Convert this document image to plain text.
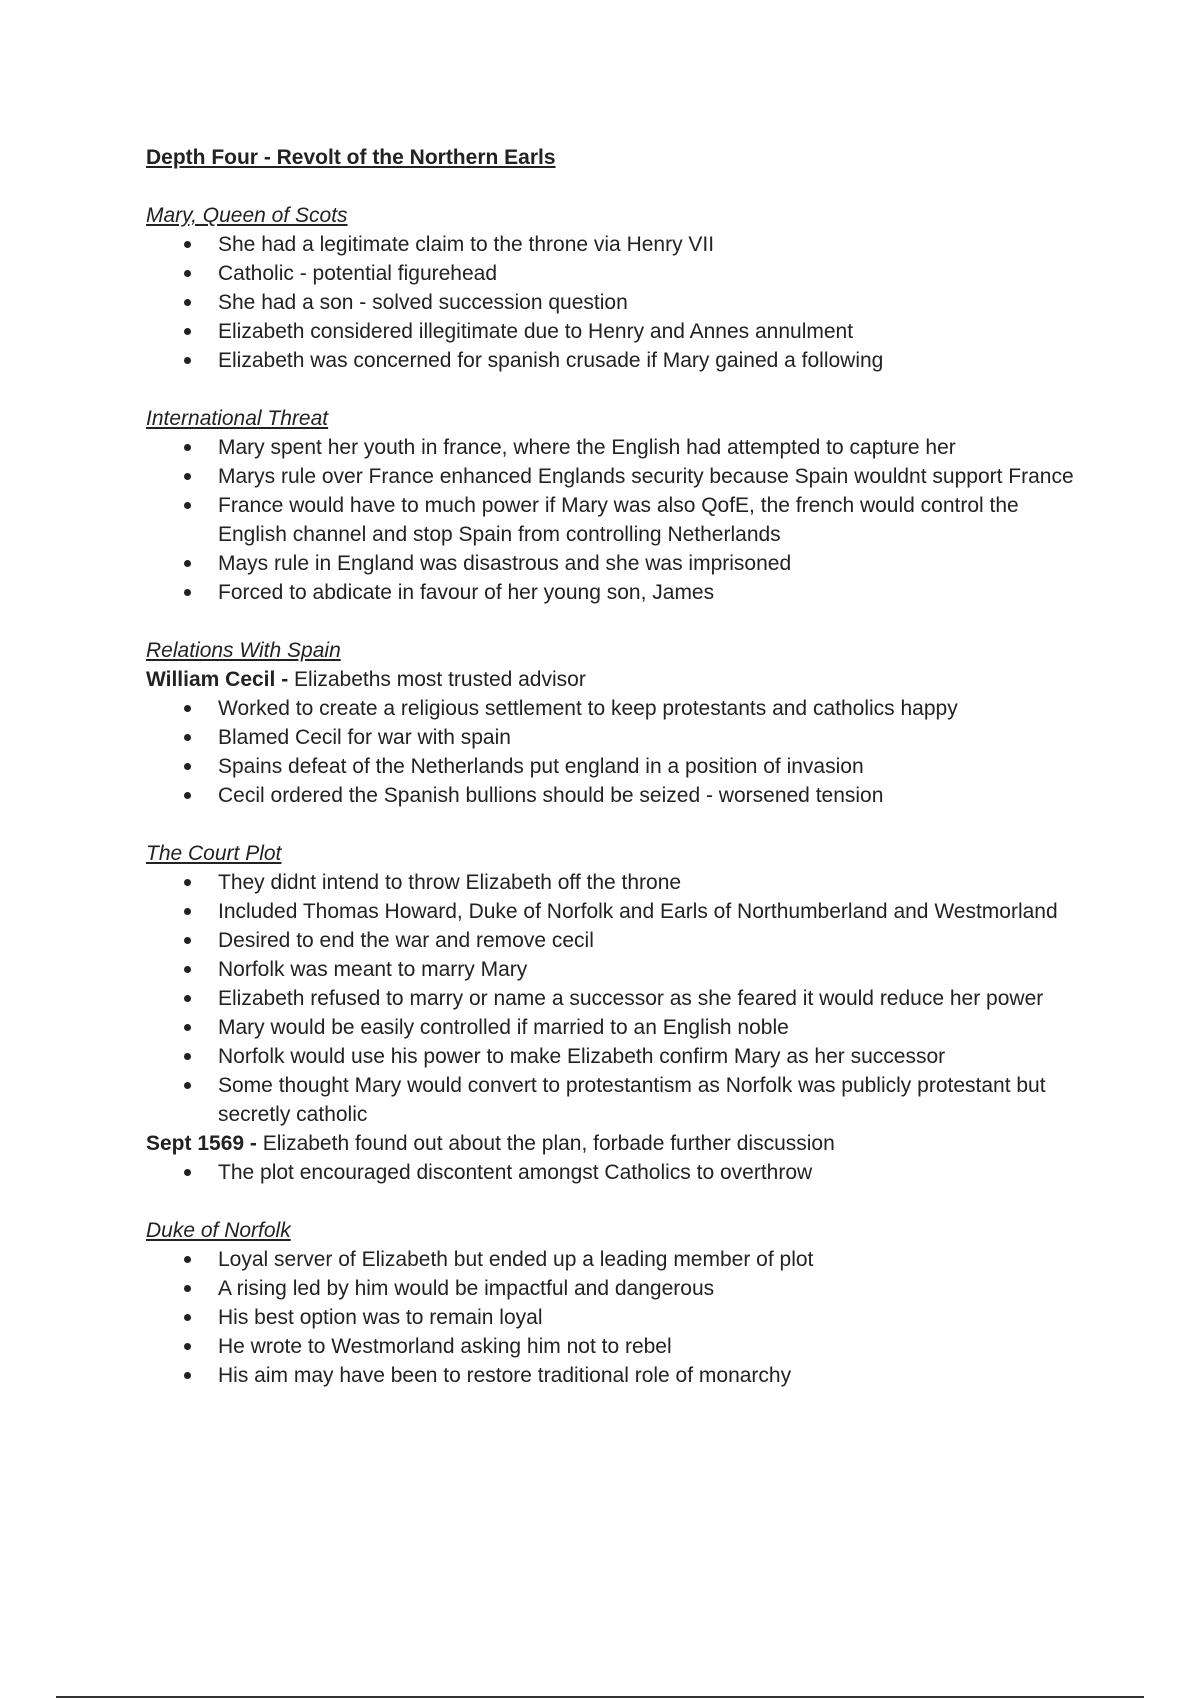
Depth Four - Revolt of the Northern Earls
Mary, Queen of Scots
She had a legitimate claim to the throne via Henry VII
Catholic - potential figurehead
She had a son - solved succession question
Elizabeth considered illegitimate due to Henry and Annes annulment
Elizabeth was concerned for spanish crusade if Mary gained a following
International Threat
Mary spent her youth in france, where the English had attempted to capture her
Marys rule over France enhanced Englands security because Spain wouldnt support France
France would have to much power if Mary was also QofE, the french would control the English channel and stop Spain from controlling Netherlands
Mays rule in England was disastrous and she was imprisoned
Forced to abdicate in favour of her young son, James
Relations With Spain

William Cecil - Elizabeths most trusted advisor

Worked to create a religious settlement to keep protestants and catholics happy
Blamed Cecil for war with spain
Spains defeat of the Netherlands put england in a position of invasion
Cecil ordered the Spanish bullions should be seized - worsened tension
The Court Plot
They didnt intend to throw Elizabeth off the throne
Included Thomas Howard, Duke of Norfolk and Earls of Northumberland and Westmorland
Desired to end the war and remove cecil
Norfolk was meant to marry Mary
Elizabeth refused to marry or name a successor as she feared it would reduce her power
Mary would be easily controlled if married to an English noble
Norfolk would use his power to make Elizabeth confirm Mary as her successor
Some thought Mary would convert to protestantism as Norfolk was publicly protestant but secretly catholic

Sept 1569 - Elizabeth found out about the plan, forbade further discussion

The plot encouraged discontent amongst Catholics to overthrow
Duke of Norfolk
Loyal server of Elizabeth but ended up a leading member of plot
A rising led by him would be impactful and dangerous
His best option was to remain loyal
He wrote to Westmorland asking him not to rebel
His aim may have been to restore traditional role of monarchy
